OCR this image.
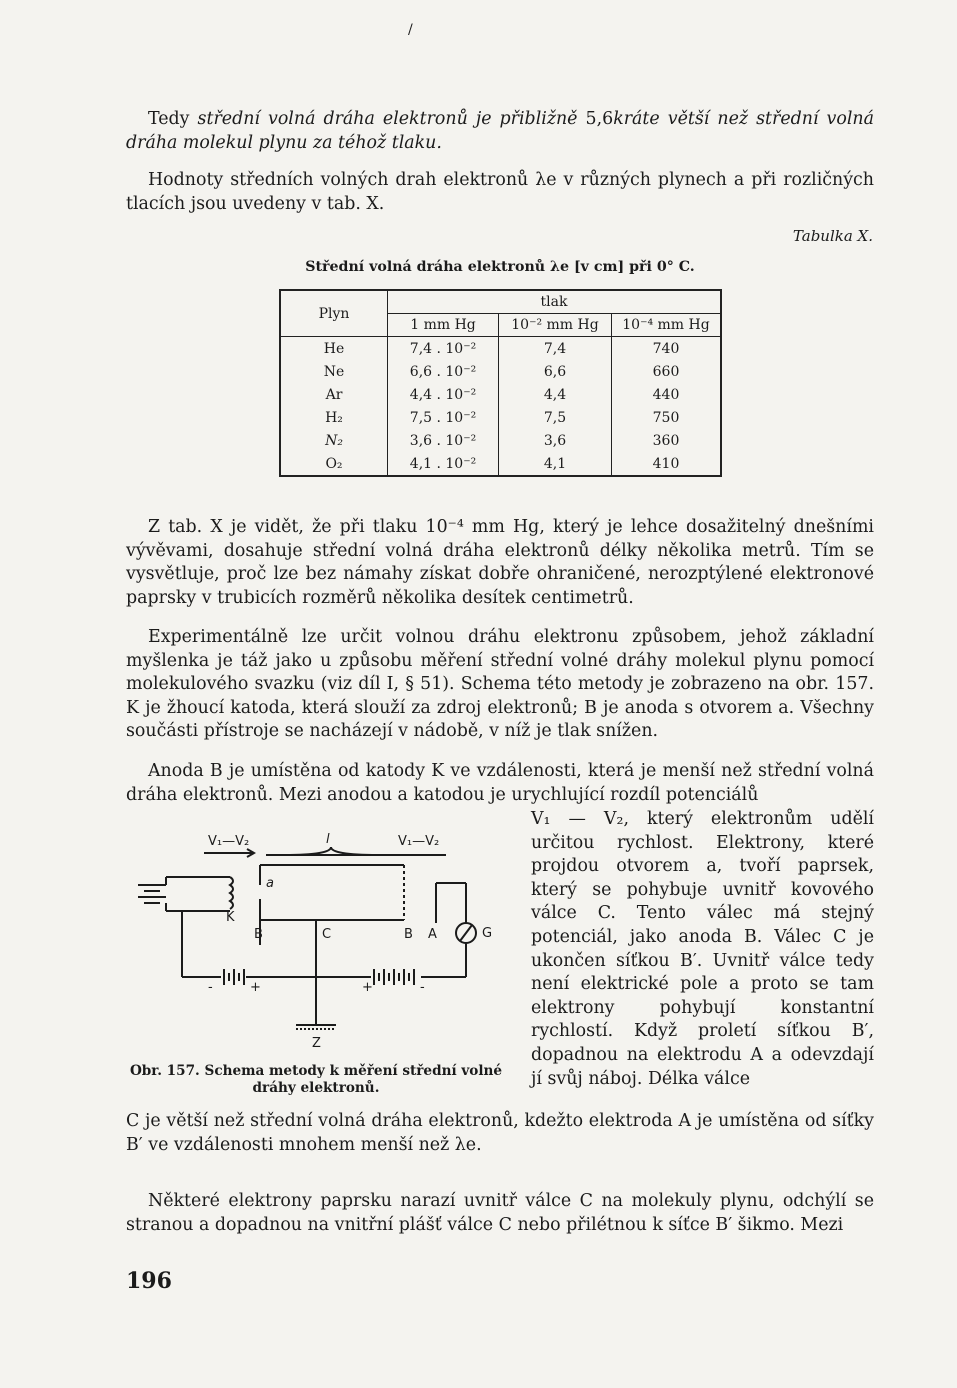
/

Tedy střední volná dráha elektronů je přibližně 5,6kráte větší než střední volná dráha molekul plynu za téhož tlaku.

Hodnoty středních volných drah elektronů λe v různých plynech a při rozličných tlacích jsou uvedeny v tab. X.

Tabulka X.
Střední volná dráha elektronů λe [v cm] při 0° C.
Plyn	tlak		
	1 mm Hg	10⁻² mm Hg	10⁻⁴ mm Hg
He	7,4 . 10⁻²	7,4	740
Ne	6,6 . 10⁻²	6,6	660
Ar	4,4 . 10⁻²	4,4	440
H₂	7,5 . 10⁻²	7,5	750
N₂	3,6 . 10⁻²	3,6	360
O₂	4,1 . 10⁻²	4,1	410

Z tab. X je vidět, že při tlaku 10⁻⁴ mm Hg, který je lehce dosažitelný dnešními vývěvami, dosahuje střední volná dráha elektronů délky několika metrů. Tím se vysvětluje, proč lze bez námahy získat dobře ohraničené, nerozptýlené elektronové paprsky v trubicích rozměrů několika desítek centimetrů.

Experimentálně lze určit volnou dráhu elektronu způsobem, jehož základní myšlenka je táž jako u způsobu měření střední volné dráhy molekul plynu pomocí molekulového svazku (viz díl I, § 51). Schema této metody je zobrazeno na obr. 157. K je žhoucí katoda, která slouží za zdroj elektronů; B je anoda s otvorem a. Všechny součásti přístroje se nacházejí v nádobě, v níž je tlak snížen.

Anoda B je umístěna od katody K ve vzdálenosti, která je menší než střední volná dráha elektronů. Mezi anodou a katodou je urychlující rozdíl potenciálů

V₁ — V₂, který elektronům udělí určitou rychlost. Elektrony, které projdou otvorem a, tvoří paprsek, který se pohybuje uvnitř kovového válce C. Tento válec má stejný potenciál, jako anoda B. Válec C je ukončen síťkou B′. Uvnitř válce tedy není elektrické pole a proto se tam elektrony pohybují konstantní rychlostí. Když proletí síťkou B′, dopadnou na elektrodu A a odevzdají jí svůj náboj. Délka válce

V₁—V₂	l	V₁—V₂
a
K
B	C	B A	G
-	+	+	-
Z
Obr. 157. Schema metody k měření střední volné dráhy elektronů.

C je větší než střední volná dráha elektronů, kdežto elektroda A je umístěna od síťky B′ ve vzdálenosti mnohem menší než λe.

Některé elektrony paprsku narazí uvnitř válce C na molekuly plynu, odchýlí se stranou a dopadnou na vnitřní plášť válce C nebo přilétnou k síťce B′ šikmo. Mezi

196
